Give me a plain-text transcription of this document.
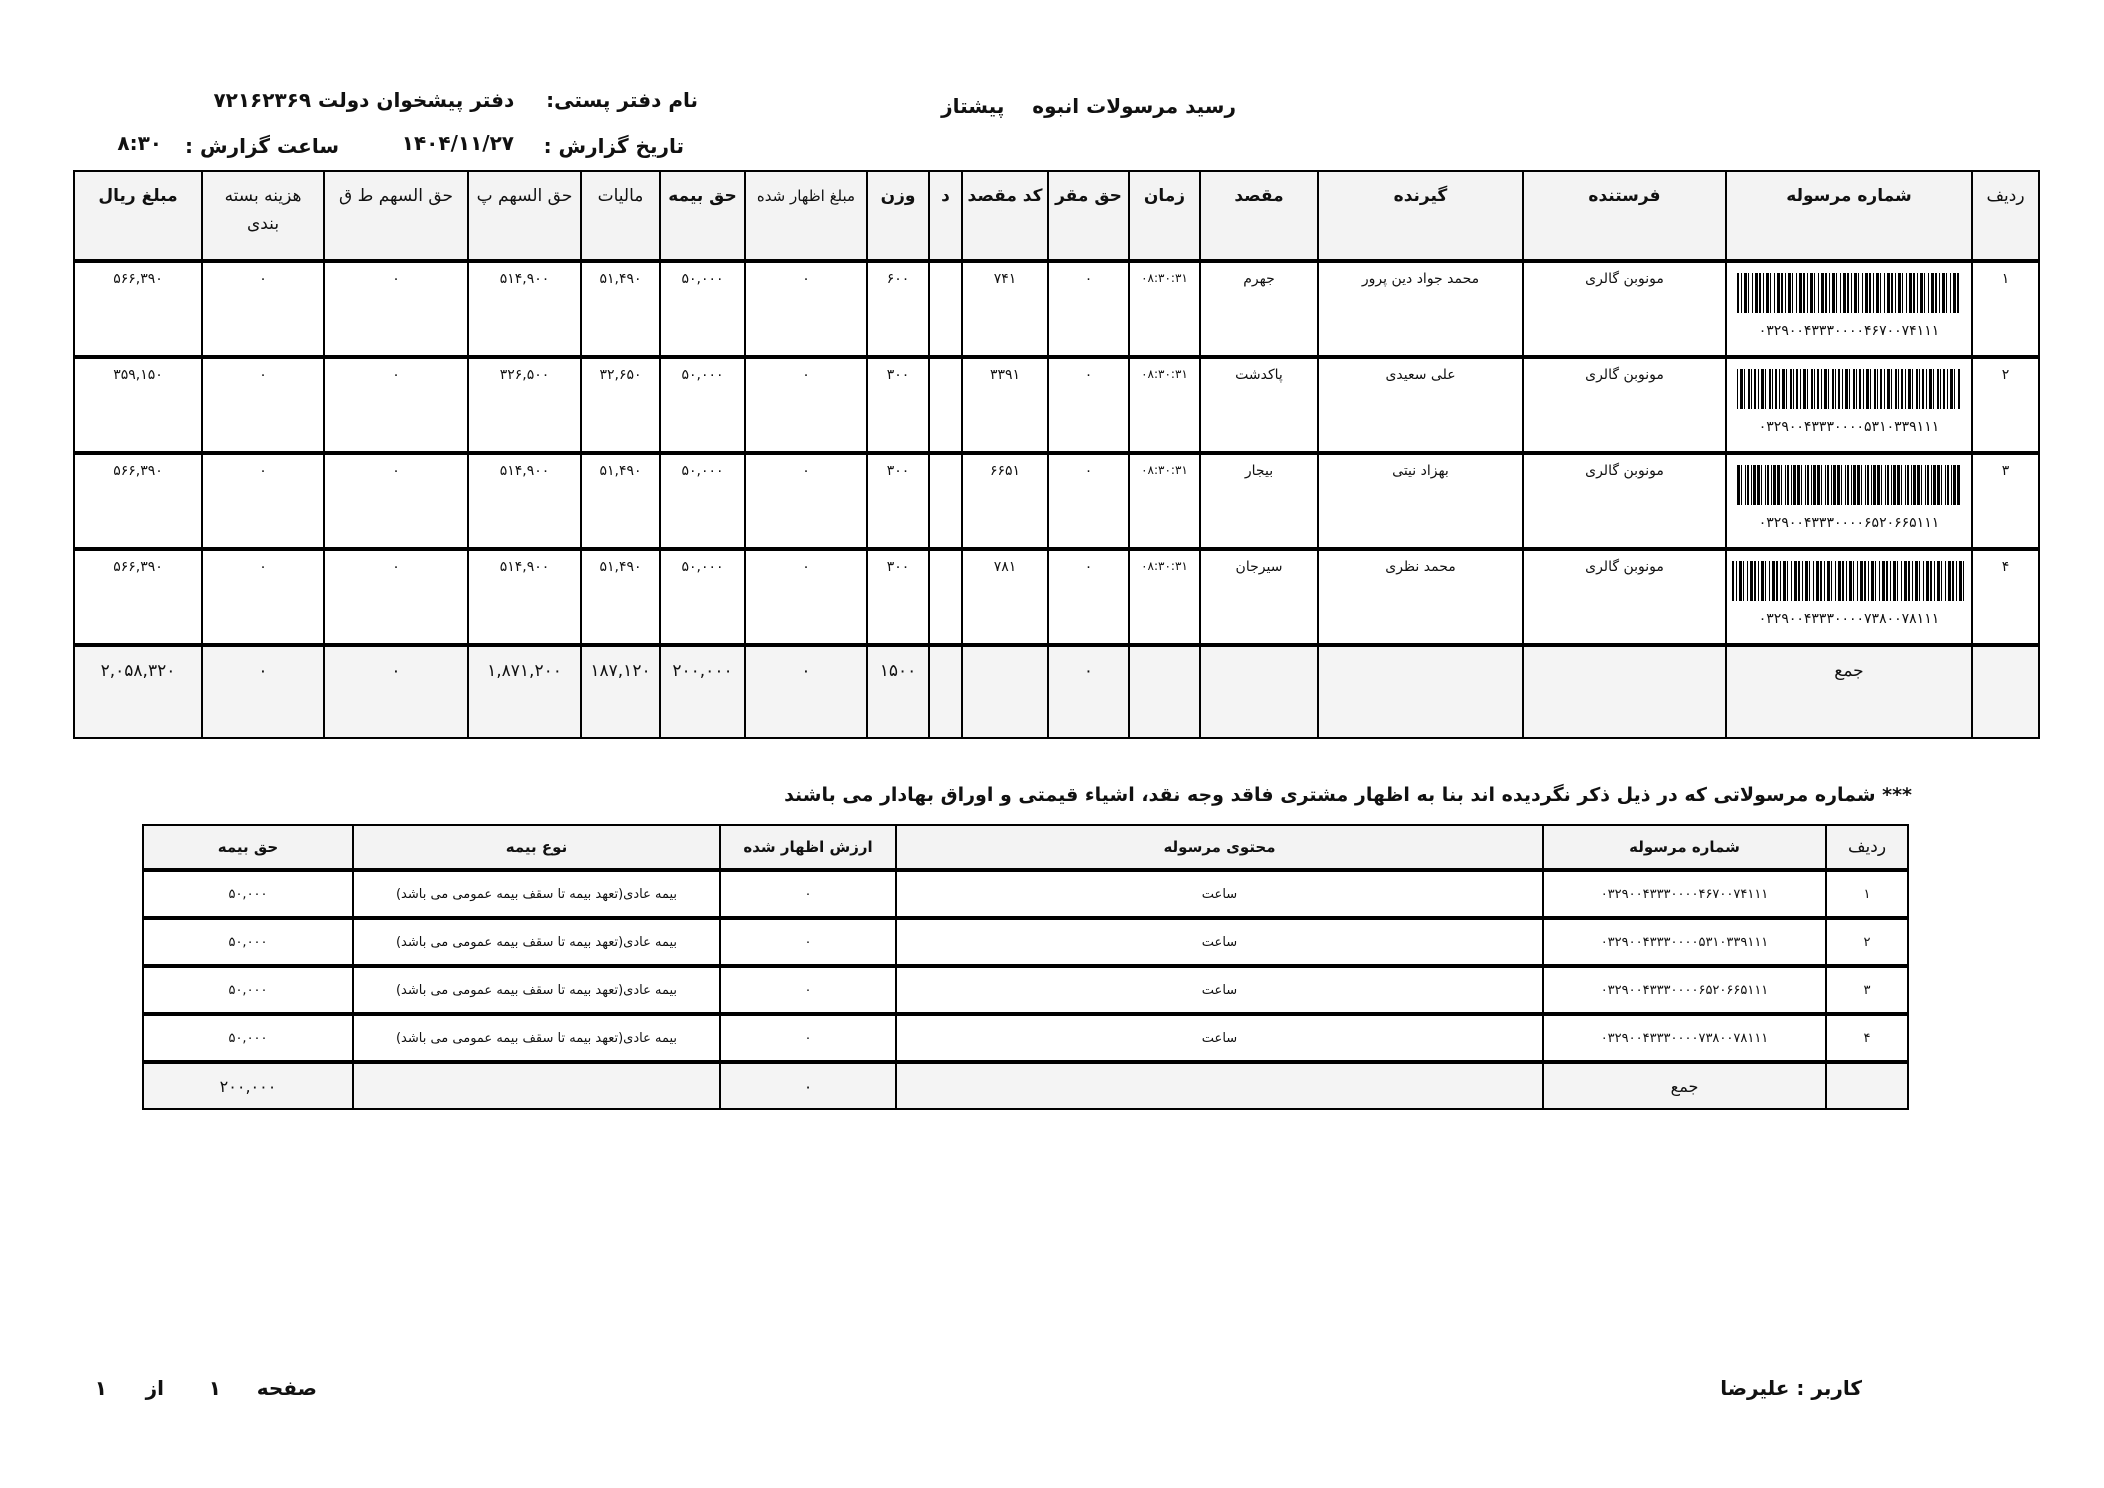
رسید مرسولات انبوه  پیشتاز
نام دفتر پستی:  دفتر پیشخوان دولت ۷۲۱۶۲۳۶۹
تاریخ گزارش :
۱۴۰۴/۱۱/۲۷
ساعت گزارش :
۸:۳۰
ردیف	شماره مرسوله	فرستنده	گیرنده	مقصد	زمان	حق مقر	کد مقصد	د	وزن	مبلغ اظهار شده	حق بیمه	مالیات	حق السهم پ	حق السهم ط ق	هزینه بسته بندی	مبلغ ریال
۱	۰۳۲۹۰۰۴۳۳۳۰۰۰۰۴۶۷۰۰۷۴۱۱۱	مونوبن گالری	محمد جواد دین پرور	جهرم	۰۸:۳۰:۳۱	۰	۷۴۱		۶۰۰	۰	۵۰,۰۰۰	۵۱,۴۹۰	۵۱۴,۹۰۰	۰	۰	۵۶۶,۳۹۰
۲	۰۳۲۹۰۰۴۳۳۳۰۰۰۰۵۳۱۰۳۳۹۱۱۱	مونوبن گالری	علی سعیدی	پاکدشت	۰۸:۳۰:۳۱	۰	۳۳۹۱		۳۰۰	۰	۵۰,۰۰۰	۳۲,۶۵۰	۳۲۶,۵۰۰	۰	۰	۳۵۹,۱۵۰
۳	۰۳۲۹۰۰۴۳۳۳۰۰۰۰۶۵۲۰۶۶۵۱۱۱	مونوبن گالری	بهزاد نیتی	بیجار	۰۸:۳۰:۳۱	۰	۶۶۵۱		۳۰۰	۰	۵۰,۰۰۰	۵۱,۴۹۰	۵۱۴,۹۰۰	۰	۰	۵۶۶,۳۹۰
۴	۰۳۲۹۰۰۴۳۳۳۰۰۰۰۷۳۸۰۰۷۸۱۱۱	مونوبن گالری	محمد نظری	سیرجان	۰۸:۳۰:۳۱	۰	۷۸۱		۳۰۰	۰	۵۰,۰۰۰	۵۱,۴۹۰	۵۱۴,۹۰۰	۰	۰	۵۶۶,۳۹۰
	جمع					۰			۱۵۰۰	۰	۲۰۰,۰۰۰	۱۸۷,۱۲۰	۱,۸۷۱,۲۰۰	۰	۰	۲,۰۵۸,۳۲۰
*** شماره مرسولاتی که در ذیل ذکر نگردیده اند بنا به اظهار مشتری فاقد وجه نقد، اشیاء قیمتی و اوراق بهادار می باشند
ردیف	شماره مرسوله	محتوی مرسوله	ارزش اظهار شده	نوع بیمه	حق بیمه
۱	۰۳۲۹۰۰۴۳۳۳۰۰۰۰۴۶۷۰۰۷۴۱۱۱	ساعت	۰	بیمه عادی(تعهد بیمه تا سقف بیمه عمومی می باشد)	۵۰,۰۰۰
۲	۰۳۲۹۰۰۴۳۳۳۰۰۰۰۵۳۱۰۳۳۹۱۱۱	ساعت	۰	بیمه عادی(تعهد بیمه تا سقف بیمه عمومی می باشد)	۵۰,۰۰۰
۳	۰۳۲۹۰۰۴۳۳۳۰۰۰۰۶۵۲۰۶۶۵۱۱۱	ساعت	۰	بیمه عادی(تعهد بیمه تا سقف بیمه عمومی می باشد)	۵۰,۰۰۰
۴	۰۳۲۹۰۰۴۳۳۳۰۰۰۰۷۳۸۰۰۷۸۱۱۱	ساعت	۰	بیمه عادی(تعهد بیمه تا سقف بیمه عمومی می باشد)	۵۰,۰۰۰
	جمع		۰		۲۰۰,۰۰۰
کاربر : علیرضا
صفحه
۱
از
۱
